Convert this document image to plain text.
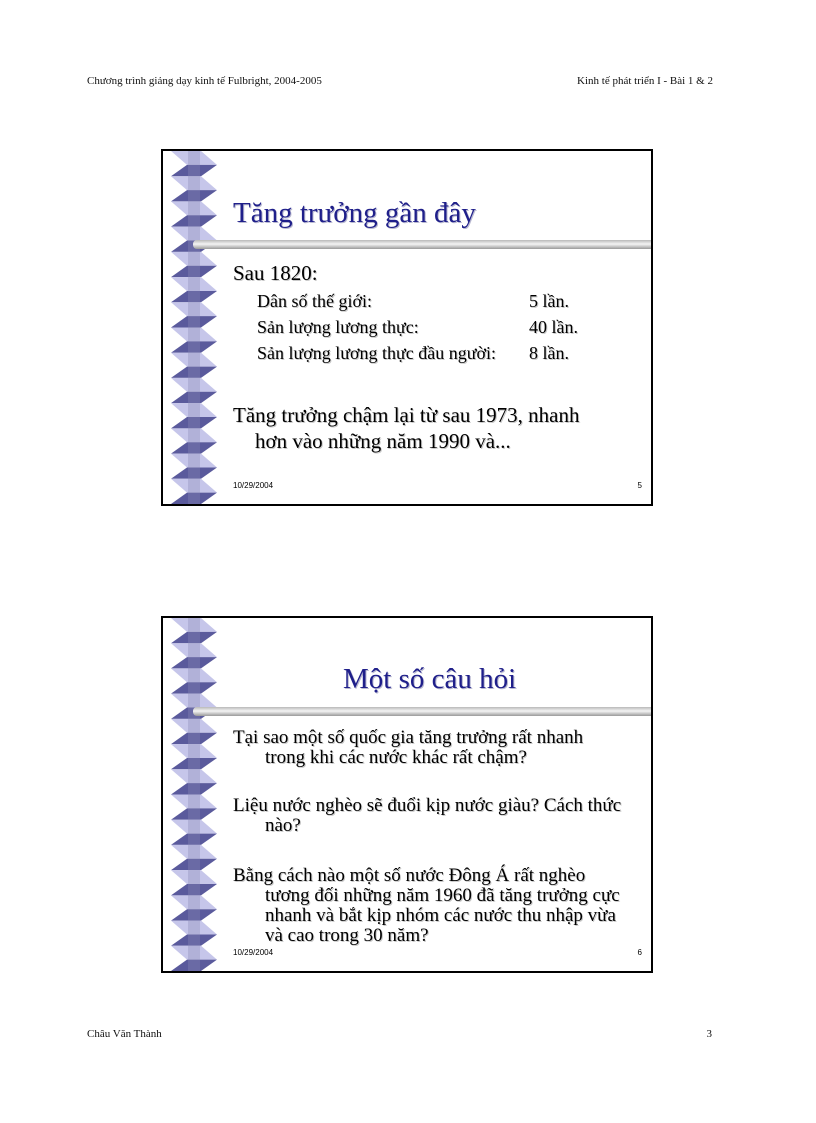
Chương trình giảng dạy kinh tế Fulbright, 2004-2005	Kinh tế phát triển I - Bài 1 & 2
Tăng trưởng gần đây
Sau 1820:
Dân số thế giới:	5 lần.
Sản lượng lương thực:	40 lần.
Sản lượng lương thực đầu người: 8 lần.
Tăng trưởng chậm lại từ sau 1973, nhanh
hơn vào những năm 1990 và...
10/29/2004	5
Một số câu hỏi
Tại sao một số quốc gia tăng trưởng rất nhanh
trong khi các nước khác rất chậm?
Liệu nước nghèo sẽ đuổi kịp nước giàu? Cách thức
nào?
Bằng cách nào một số nước Đông Á rất nghèo
tương đối những năm 1960 đã tăng trưởng cực
nhanh và bắt kịp nhóm các nước thu nhập vừa
và cao trong 30 năm?
10/29/2004	6
Châu Văn Thành	3
